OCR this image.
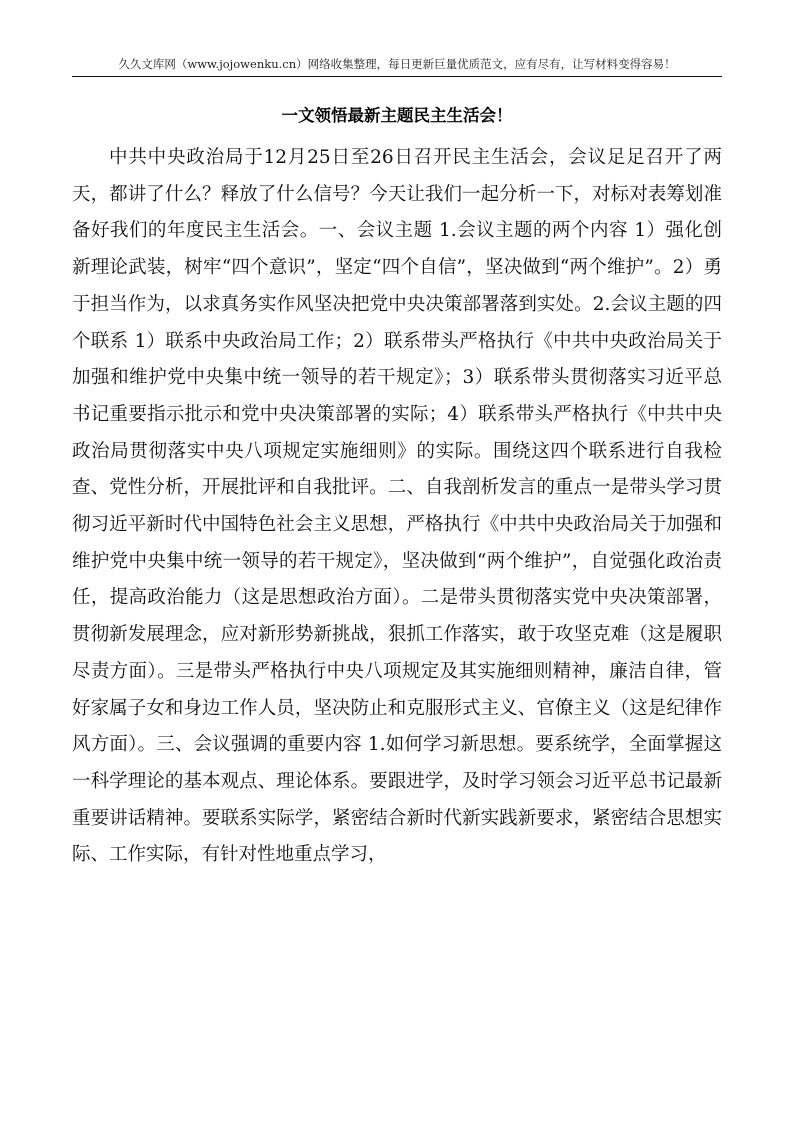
久久文库网（www.jojowenku.cn）网络收集整理，每日更新巨量优质范文，应有尽有，让写材料变得容易！
一文领悟最新主题民主生活会！

中共中央政治局于12月25日至26日召开民主生活会，会议足足召开了两天，都讲了什么？释放了什么信号？今天让我们一起分析一下，对标对表筹划准备好我们的年度民主生活会。一、会议主题 1.会议主题的两个内容 1）强化创新理论武装，树牢“四个意识”，坚定“四个自信”，坚决做到“两个维护”。2）勇于担当作为，以求真务实作风坚决把党中央决策部署落到实处。2.会议主题的四个联系 1）联系中央政治局工作；2）联系带头严格执行《中共中央政治局关于加强和维护党中央集中统一领导的若干规定》；3）联系带头贯彻落实习近平总书记重要指示批示和党中央决策部署的实际；4）联系带头严格执行《中共中央政治局贯彻落实中央八项规定实施细则》的实际。围绕这四个联系进行自我检查、党性分析，开展批评和自我批评。二、自我剖析发言的重点一是带头学习贯彻习近平新时代中国特色社会主义思想，严格执行《中共中央政治局关于加强和维护党中央集中统一领导的若干规定》，坚决做到“两个维护”，自觉强化政治责任，提高政治能力（这是思想政治方面）。二是带头贯彻落实党中央决策部署，贯彻新发展理念，应对新形势新挑战，狠抓工作落实，敢于攻坚克难（这是履职尽责方面）。三是带头严格执行中央八项规定及其实施细则精神，廉洁自律，管好家属子女和身边工作人员，坚决防止和克服形式主义、官僚主义（这是纪律作风方面）。三、会议强调的重要内容 1.如何学习新思想。要系统学，全面掌握这一科学理论的基本观点、理论体系。要跟进学，及时学习领会习近平总书记最新重要讲话精神。要联系实际学，紧密结合新时代新实践新要求，紧密结合思想实际、工作实际，有针对性地重点学习，
